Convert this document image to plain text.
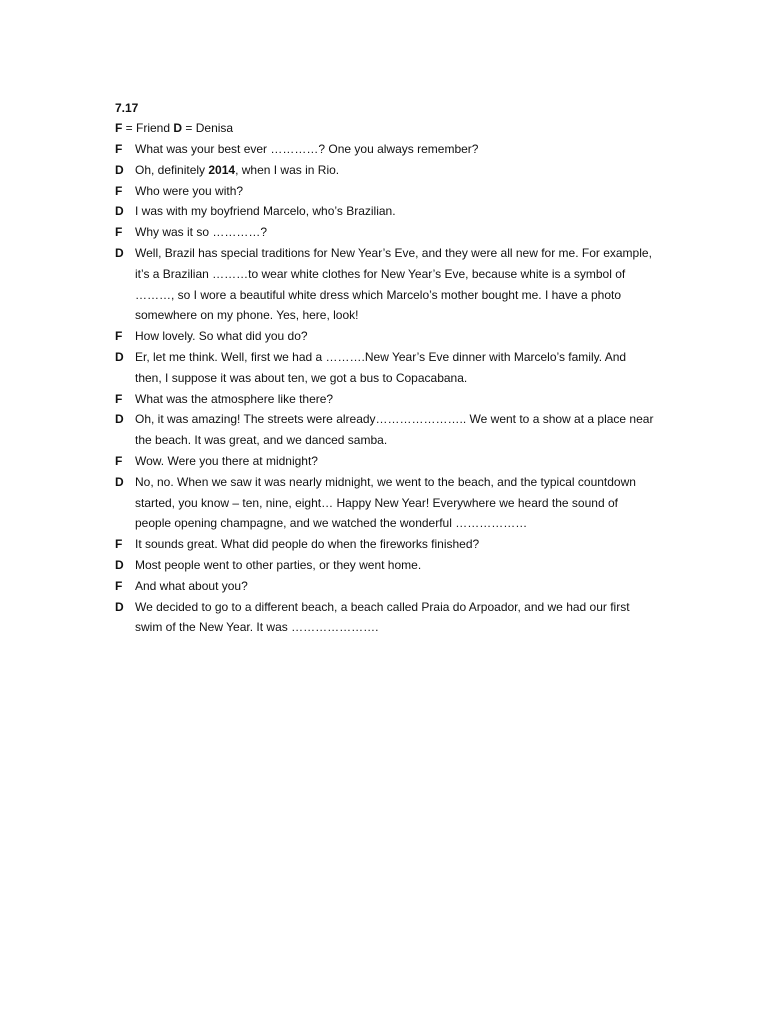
7.17
F = Friend D = Denisa
F	What was your best ever …………? One you always remember?
D Oh, definitely 2014, when I was in Rio.
F	Who were you with?
D I was with my boyfriend Marcelo, who’s Brazilian.
F	Why was it so …………?
D Well, Brazil has special traditions for New Year’s Eve, and they were all new for me. For example, it’s a Brazilian ………to wear white clothes for New Year’s Eve, because white is a symbol of ………, so I wore a beautiful white dress which Marcelo’s mother bought me. I have a photo somewhere on my phone. Yes, here, look!
F	How lovely. So what did you do?
D Er, let me think. Well, first we had a ……….New Year’s Eve dinner with Marcelo’s family. And then, I suppose it was about ten, we got a bus to Copacabana.
F	What was the atmosphere like there?
D Oh, it was amazing! The streets were already………………….. We went to a show at a place near the beach. It was great, and we danced samba.
F	Wow. Were you there at midnight?
D No, no. When we saw it was nearly midnight, we went to the beach, and the typical countdown started, you know – ten, nine, eight… Happy New Year! Everywhere we heard the sound of people opening champagne, and we watched the wonderful ………………
F	It sounds great. What did people do when the fireworks finished?
D Most people went to other parties, or they went home.
F	And what about you?
D We decided to go to a different beach, a beach called Praia do Arpoador, and we had our first swim of the New Year. It was ………………….
